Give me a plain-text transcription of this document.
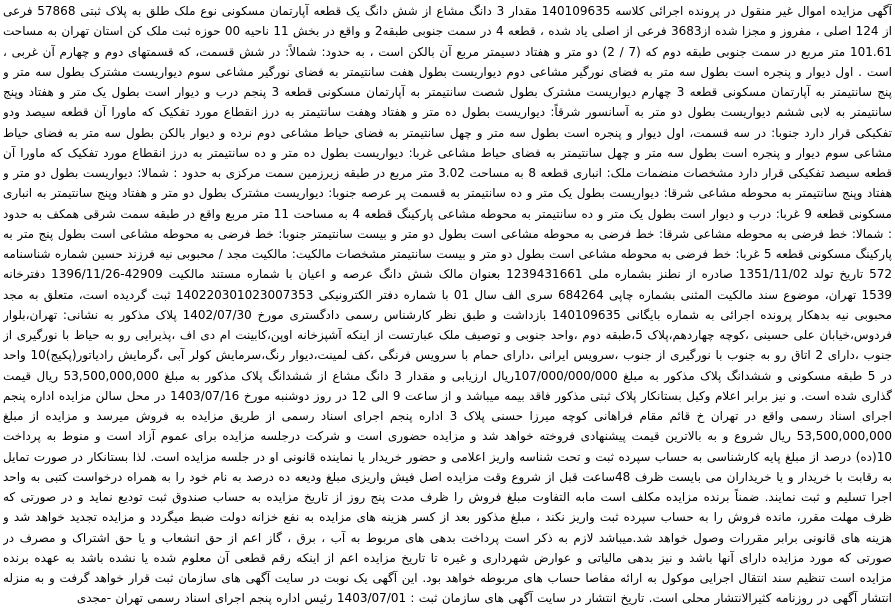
آگهی مزایده اموال غیر منقول در پرونده اجرائی کلاسه 140109635 مقدار 3 دانگ مشاع از شش دانگ یک قطعه آپارتمان مسکونی نوع ملک طلق به پلاک ثبتی 57868 فرعی از 124 اصلی ، مفروز و مجزا شده از3683 فرعی از اصلی یاد شده ، قطعه 4 در سمت جنوبی طبقه2 و واقع در بخش 11 ناحیه 00 حوزه ثبت ملک کن استان تهران به مساحت 101.61 متر مربع در سمت جنوبی طبقه دوم که (7 / 2) دو متر و هفتاد دسیمتر مربع آن بالکن است ، به حدود: شمالاً: در شش قسمت، که قسمتهای دوم و چهارم آن غربی ، است . اول دیوار و پنجره است بطول سه متر به فضای نورگیر مشاعی دوم دیواریست بطول هفت سانتیمتر به فضای نورگیر مشاعی سوم دیواریست مشترک بطول سه متر و پنج سانتیمتر به آپارتمان مسکونی قطعه 3 چهارم دیواریست مشترک بطول شصت سانتیمتر به آپارتمان مسکونی قطعه 3 پنجم درب و دیوار است بطول یک متر و هفتاد وپنج سانتیمتر به لابی ششم دیواریست بطول دو متر به آسانسور شرقاً: دیواریست بطول ده متر و هفتاد وهفت سانتیمتر به درز انقطاع مورد تفکیک که ماورا آن قطعه سیصد ودو تفکیکی قرار دارد جنوبا: در سه قسمت، اول دیوار و پنجره است بطول سه متر و چهل سانتیمتر به فضای حیاط مشاعی دوم نرده و دیوار بالکن بطول سه متر به فضای حیاط مشاعی سوم دیوار و پنجره است بطول سه متر و چهل سانتیمتر به فضای حیاط مشاعی غربا: دیواریست بطول ده متر و ده سانتیمتر به درز انقطاع مورد تفکیک که ماورا آن قطعه سیصد تفکیکی قرار دارد مشخصات منضمات ملک: انباری قطعه 8 به مساحت 3.02 متر مربع در طبقه زیرزمین سمت مرکزی به حدود : شمالا: دیواریست بطول دو متر و هفتاد وپنج سانتیمتر به محوطه مشاعی شرقا: دیواریست بطول یک متر و ده سانتیمتر به قسمت پر عرصه جنوبا: دیواریست مشترک بطول دو متر و هفتاد وپنج سانتیمتر به انباری مسکونی قطعه 9 غربا: درب و دیوار است بطول یک متر و ده سانتیمتر به محوطه مشاعی پارکینگ قطعه 4 به مساحت 11 متر مربع واقع در طبقه سمت شرقی همکف به حدود : شمالا: خط فرضی به محوطه مشاعی شرقا: خط فرضی به محوطه مشاعی است بطول دو متر و بیست سانتیمتر جنوبا: خط فرضی به محوطه مشاعی است بطول پنج متر به پارکینگ مسکونی قطعه 5 غربا: خط فرضی به محوطه مشاعی است بطول دو متر و بیست سانتیمتر مشخصات مالکیت: مالکیت مجد / محبوبی نیه فرزند حسین شماره شناسنامه 572 تاریخ تولد 1351/11/02 صادره از نطنز بشماره ملی 1239431661 بعنوان مالک شش دانگ عرصه و اعیان با شماره مستند مالکیت 42909-1396/11/26 دفترخانه 1539 تهران، موضوع سند مالکیت المثنی بشماره چاپی 684264 سری الف سال 01 با شماره دفتر الکترونیکی 140220301023007353 ثبت گردیده است، متعلق به مجد محبوبی نیه بدهکار پرونده اجرائی به شماره بایگانی 140109635 بازداشت و طبق نظر کارشناس رسمی دادگستری مورخ 1402/07/30 پلاک مذکور به نشانی: تهران،بلوار فردوس،خیابان علی حسینی ،کوچه چهاردهم،پلاک 5،طبقه دوم ،واحد جنوبی و توصیف ملک عبارتست از اینکه آشپزخانه اوپن،کابینت ام دی اف ،پذیرایی رو به حیاط با نورگیری از جنوب ،دارای 2 اتاق رو به جنوب با نورگیری از جنوب ،سرویس ایرانی ،دارای حمام با سرویس فرنگی ،کف لمینت،دیوار رنگ،سرمایش کولر آبی ،گرمایش رادیاتور(پکیج)10 واحد در 5 طبقه مسکونی و ششدانگ پلاک مذکور به مبلغ 107/000/000/000ریال ارزیابی و مقدار 3 دانگ مشاع از ششدانگ پلاک مذکور به مبلغ 53,500,000,000 ریال قیمت گذاری شده است. و نیز برابر اعلام وکیل بستانکار پلاک ثبتی مذکور فاقد بیمه میباشد و از ساعت 9 الی 12 در روز دوشنبه مورخ 1403/07/16 در محل سالن مزایده اداره پنجم اجرای اسناد رسمی واقع در تهران خ قائم مقام فراهانی کوچه میرزا حسنی پلاک 3 اداره پنجم اجرای اسناد رسمی از طریق مزایده به فروش میرسد و مزایده از مبلغ 53,500,000,000 ریال شروع و به بالاترین قیمت پیشنهادی فروخته خواهد شد و مزایده حضوری است و شرکت درجلسه مزایده برای عموم آزاد است و منوط به پرداخت 10(ده) درصد از مبلغ پایه کارشناسی به حساب سپرده ثبت و تحت شناسه واریز اعلامی و حضور خریدار یا نماینده قانونی او در جلسه مزایده است. لذا بستانکار در صورت تمایل به رقابت با خریدار و یا خریداران می بایست ظرف 48ساعت قبل از شروع وقت مزایده اصل فیش واریزی مبلغ ودیعه ده درصد به نام خود را به همراه درخواست کتبی به واحد اجرا تسلیم و ثبت نمایند. ضمناً برنده مزایده مکلف است مابه التفاوت مبلغ فروش را ظرف مدت پنج روز از تاریخ مزایده به حساب صندوق ثبت تودیع نماید و در صورتی که ظرف مهلت مقرر، مانده فروش را به حساب سپرده ثبت واریز نکند ، مبلغ مذکور بعد از کسر هزینه های مزایده به نفع خزانه دولت ضبط میگردد و مزایده تجدید خواهد شد و هزینه های قانونی برابر مقررات وصول خواهد شد.میباشد لازم به ذکر است پرداخت بدهی های مربوط به آب ، برق ، گاز اعم از حق انشعاب و یا حق اشتراک و مصرف در صورتی که مورد مزایده دارای آنها باشد و نیز بدهی مالیاتی و عوارض شهرداری و غیره تا تاریخ مزایده اعم از اینکه رقم قطعی آن معلوم شده یا نشده باشد به عهده برنده مزایده است تنظیم سند انتقال اجرایی موکول به ارائه مفاصا حساب های مربوطه خواهد بود. این آگهی یک نوبت در سایت آگهی های سازمان ثبت قرار خواهد گرفت و به منزله انتشار آگهی در روزنامه کثیرالانتشار محلی است. تاریخ انتشار در سایت آگهی های سازمان ثبت : 1403/07/01 رئیس اداره پنجم اجرای اسناد رسمی تهران -مجدی
